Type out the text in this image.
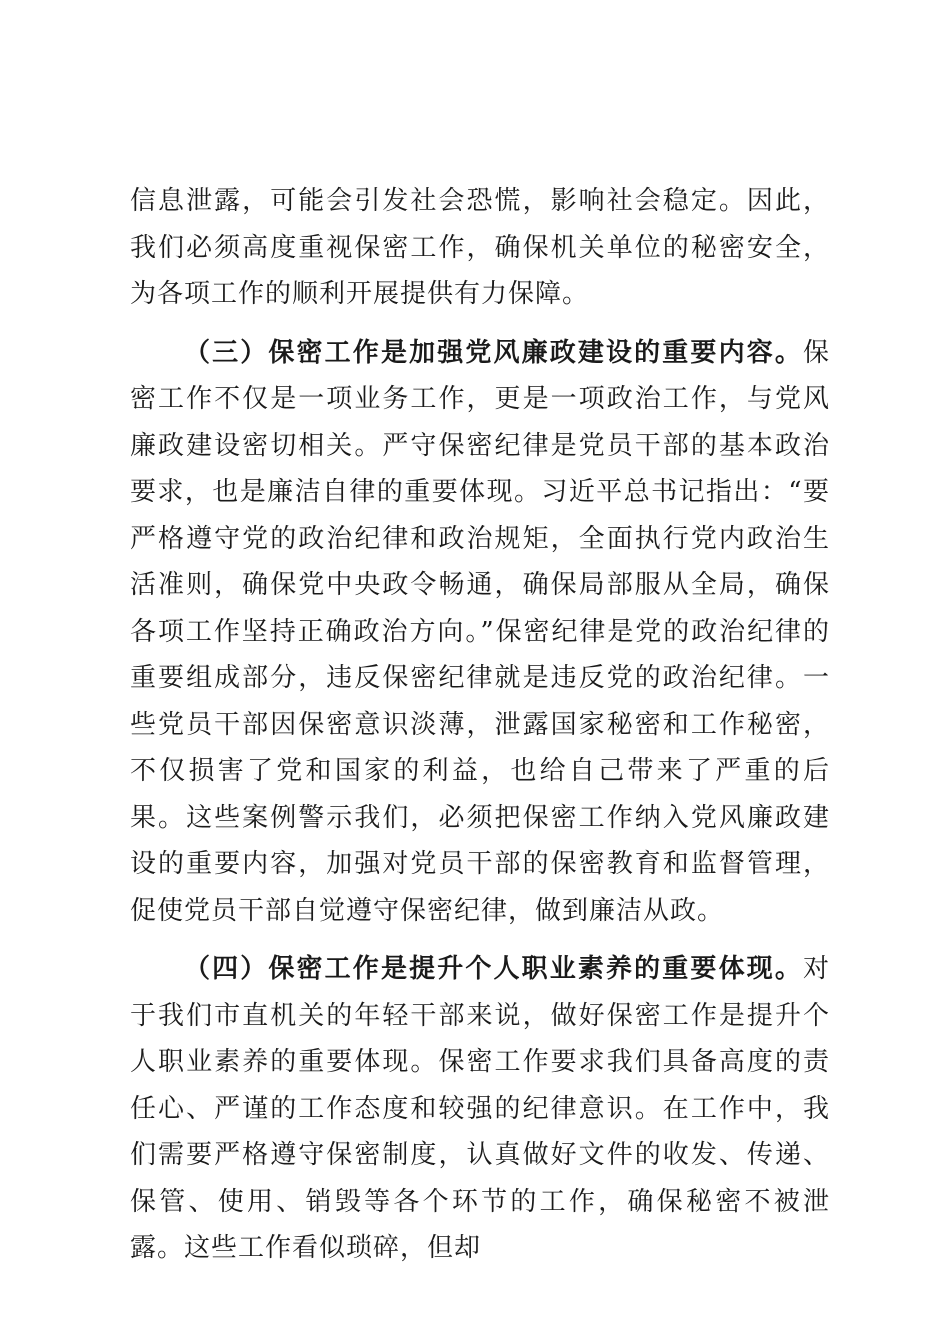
信息泄露，可能会引发社会恐慌，影响社会稳定。因此，我们必须高度重视保密工作，确保机关单位的秘密安全，为各项工作的顺利开展提供有力保障。

（三）保密工作是加强党风廉政建设的重要内容。保密工作不仅是一项业务工作，更是一项政治工作，与党风廉政建设密切相关。严守保密纪律是党员干部的基本政治要求，也是廉洁自律的重要体现。习近平总书记指出：“要严格遵守党的政治纪律和政治规矩，全面执行党内政治生活准则，确保党中央政令畅通，确保局部服从全局，确保各项工作坚持正确政治方向。”保密纪律是党的政治纪律的重要组成部分，违反保密纪律就是违反党的政治纪律。一些党员干部因保密意识淡薄，泄露国家秘密和工作秘密，不仅损害了党和国家的利益，也给自己带来了严重的后果。这些案例警示我们，必须把保密工作纳入党风廉政建设的重要内容，加强对党员干部的保密教育和监督管理，促使党员干部自觉遵守保密纪律，做到廉洁从政。

（四）保密工作是提升个人职业素养的重要体现。对于我们市直机关的年轻干部来说，做好保密工作是提升个人职业素养的重要体现。保密工作要求我们具备高度的责任心、严谨的工作态度和较强的纪律意识。在工作中，我们需要严格遵守保密制度，认真做好文件的收发、传递、保管、使用、销毁等各个环节的工作，确保秘密不被泄露。这些工作看似琐碎，但却
